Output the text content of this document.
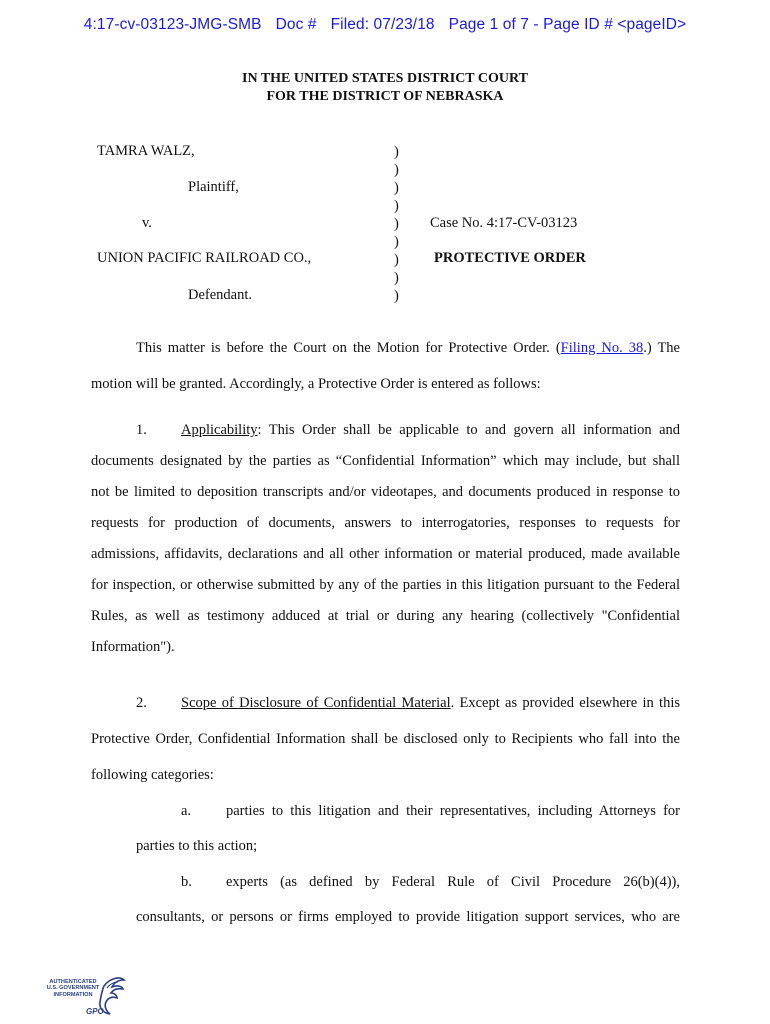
4:17-cv-03123-JMG-SMB Doc # Filed: 07/23/18 Page 1 of 7 - Page ID # <pageID>
IN THE UNITED STATES DISTRICT COURT
FOR THE DISTRICT OF NEBRASKA
TAMRA WALZ,
Plaintiff,
v.
UNION PACIFIC RAILROAD CO.,
Defendant.
)
)
)
)
)
)
)
)
)
Case No. 4:17-CV-03123
PROTECTIVE ORDER
This matter is before the Court on the Motion for Protective Order. (Filing No. 38.) The
motion will be granted. Accordingly, a Protective Order is entered as follows:
1. Applicability: This Order shall be applicable to and govern all information and
documents designated by the parties as “Confidential Information” which may include, but shall
not be limited to deposition transcripts and/or videotapes, and documents produced in response to
requests for production of documents, answers to interrogatories, responses to requests for
admissions, affidavits, declarations and all other information or material produced, made available
for inspection, or otherwise submitted by any of the parties in this litigation pursuant to the Federal
Rules, as well as testimony adduced at trial or during any hearing (collectively "Confidential
Information").
2. Scope of Disclosure of Confidential Material. Except as provided elsewhere in this
Protective Order, Confidential Information shall be disclosed only to Recipients who fall into the
following categories:
a. parties to this litigation and their representatives, including Attorneys for
parties to this action;
b. experts (as defined by Federal Rule of Civil Procedure 26(b)(4)),
consultants, or persons or firms employed to provide litigation support services, who are
AUTHENTICATED U.S. GOVERNMENT INFORMATION
GPO
